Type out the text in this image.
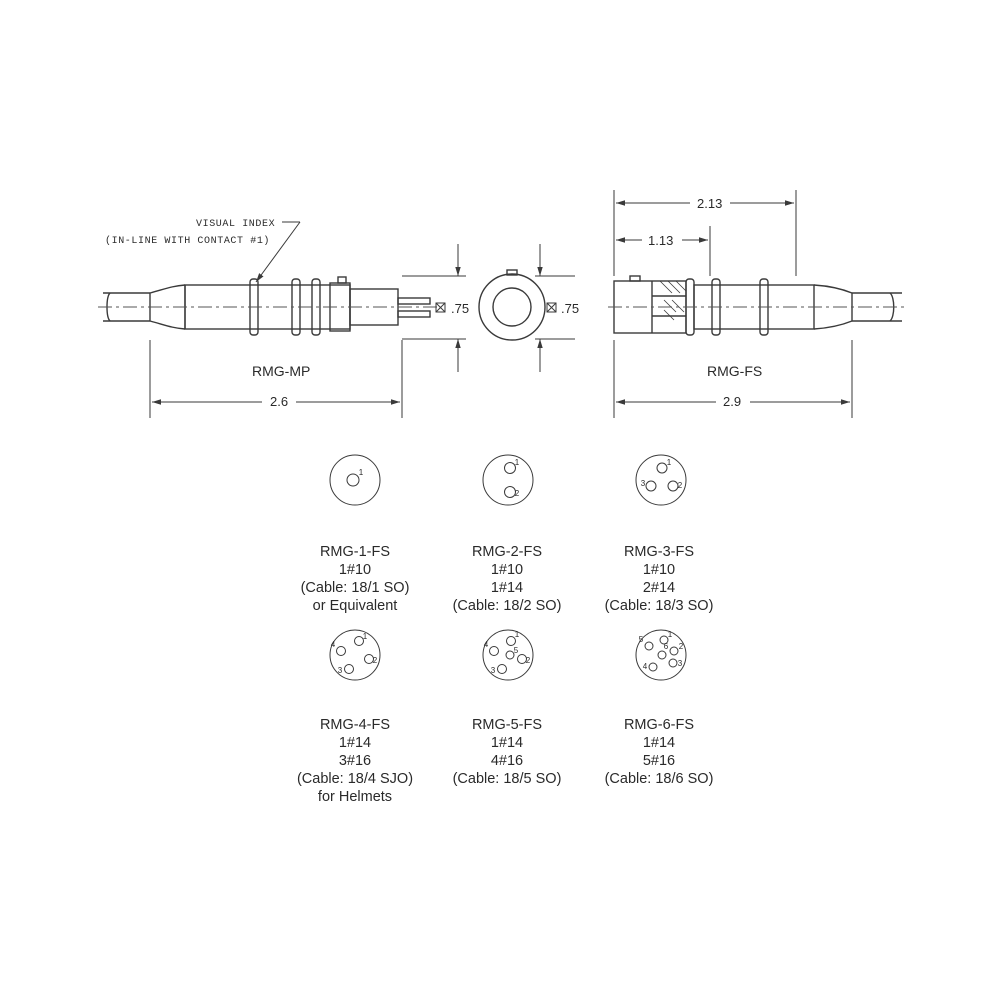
.75
VISUAL INDEX
(IN-LINE WITH CONTACT #1)
RMG-MP
2.6
.75
2.13
1.13
RMG-FS
2.9
1
1
2
1
2
3
1
2
3
4
1
2
3
4
5
1
2
3
4
5
6
RMG-1-FS
1#10
(Cable: 18/1 SO)
or Equivalent
RMG-2-FS
1#10
1#14
(Cable: 18/2 SO)
RMG-3-FS
1#10
2#14
(Cable: 18/3 SO)
RMG-4-FS
1#14
3#16
(Cable: 18/4 SJO)
for Helmets
RMG-5-FS
1#14
4#16
(Cable: 18/5 SO)
RMG-6-FS
1#14
5#16
(Cable: 18/6 SO)
